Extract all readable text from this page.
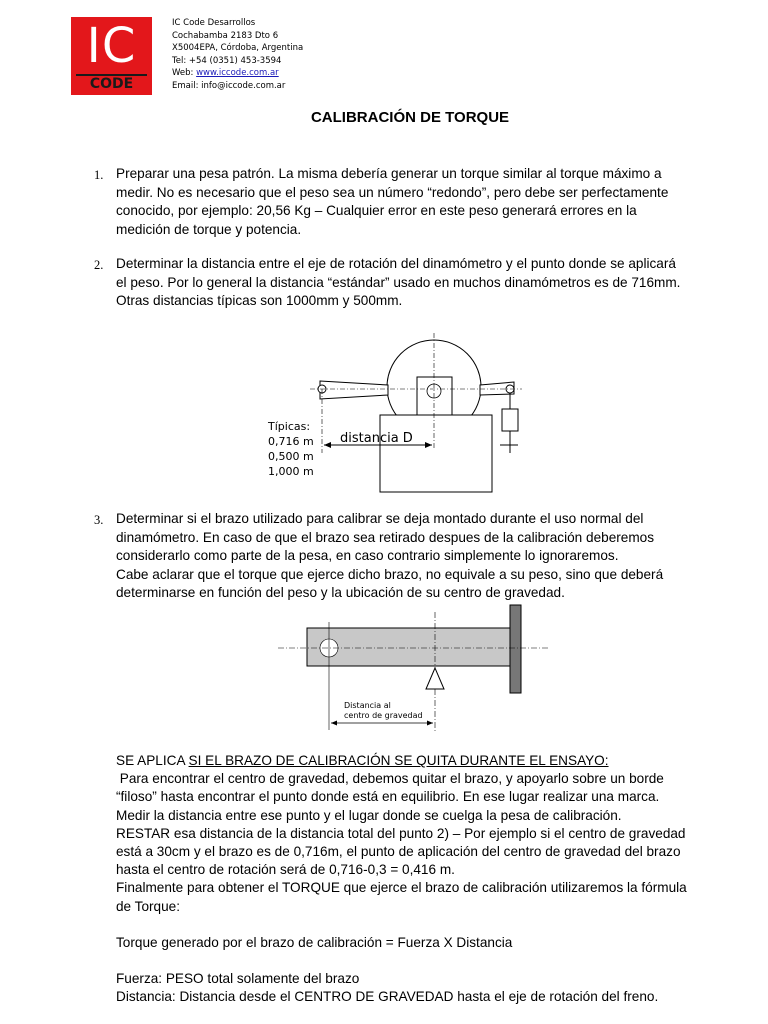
IC
CODE
IC Code Desarrollos
Cochabamba 2183 Dto 6
X5004EPA, Córdoba, Argentina
Tel: +54 (0351) 453-3594
Web: www.iccode.com.ar
Email: info@iccode.com.ar
CALIBRACIÓN DE TORQUE
1. Preparar una pesa patrón. La misma debería generar un torque similar al torque máximo a
medir. No es necesario que el peso sea un número “redondo”, pero debe ser perfectamente
conocido, por ejemplo: 20,56 Kg – Cualquier error en este peso generará errores en la
medición de torque y potencia.
2. Determinar la distancia entre el eje de rotación del dinamómetro y el punto donde se aplicará
el peso. Por lo general la distancia “estándar” usado en muchos dinamómetros es de 716mm.
Otras distancias típicas son 1000mm y 500mm.
distancia D
Típicas:
0,716 m
0,500 m
1,000 m
3. Determinar si el brazo utilizado para calibrar se deja montado durante el uso normal del
dinamómetro. En caso de que el brazo sea retirado despues de la calibración deberemos
considerarlo como parte de la pesa, en caso contrario simplemente lo ignoraremos.
Cabe aclarar que el torque que ejerce dicho brazo, no equivale a su peso, sino que deberá
determinarse en función del peso y la ubicación de su centro de gravedad.
Distancia al
centro de gravedad
SE APLICA SI EL BRAZO DE CALIBRACIÓN SE QUITA DURANTE EL ENSAYO:
Para encontrar el centro de gravedad, debemos quitar el brazo, y apoyarlo sobre un borde
“filoso” hasta encontrar el punto donde está en equilibrio. En ese lugar realizar una marca.
Medir la distancia entre ese punto y el lugar donde se cuelga la pesa de calibración.
RESTAR esa distancia de la distancia total del punto 2) – Por ejemplo si el centro de gravedad
está a 30cm y el brazo es de 0,716m, el punto de aplicación del centro de gravedad del brazo
hasta el centro de rotación será de 0,716-0,3 = 0,416 m.
Finalmente para obtener el TORQUE que ejerce el brazo de calibración utilizaremos la fórmula
de Torque:
Torque generado por el brazo de calibración = Fuerza X Distancia
Fuerza: PESO total solamente del brazo
Distancia: Distancia desde el CENTRO DE GRAVEDAD hasta el eje de rotación del freno.
